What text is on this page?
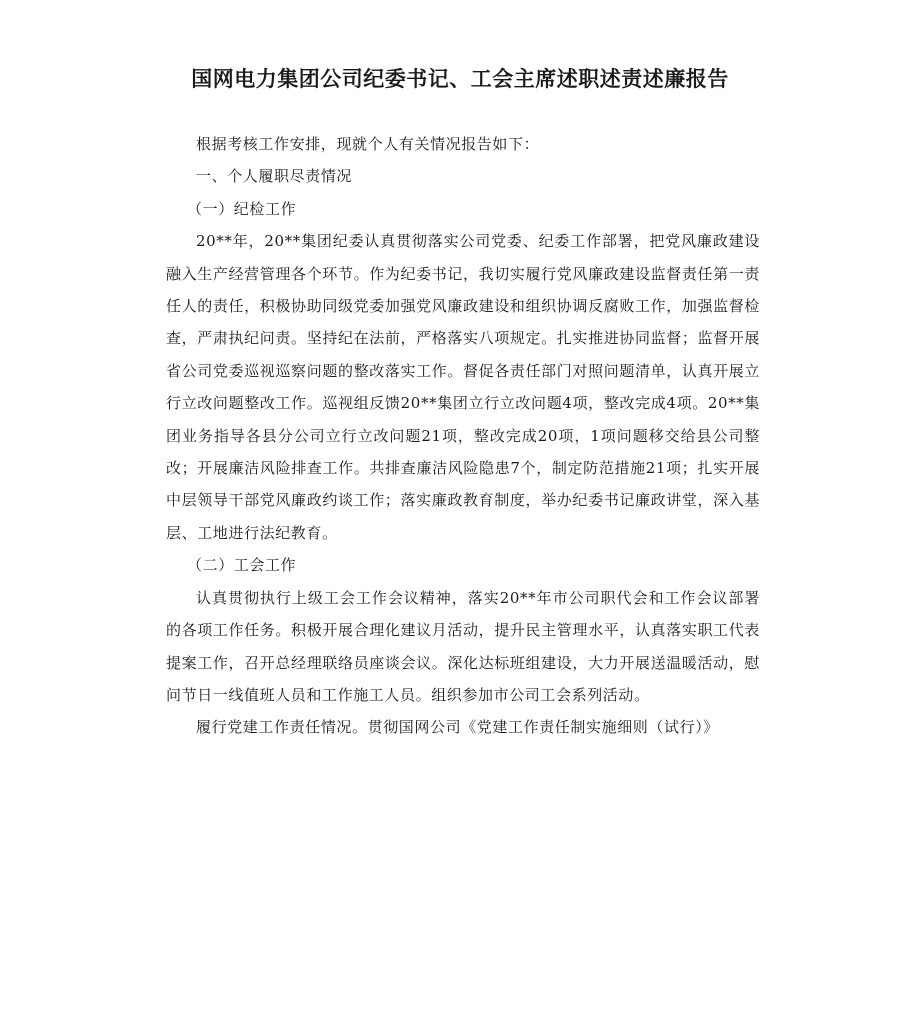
国网电力集团公司纪委书记、工会主席述职述责述廉报告

根据考核工作安排，现就个人有关情况报告如下：

一、个人履职尽责情况

（一）纪检工作

20**年，20**集团纪委认真贯彻落实公司党委、纪委工作部署，把党风廉政建设融入生产经营管理各个环节。作为纪委书记，我切实履行党风廉政建设监督责任第一责任人的责任，积极协助同级党委加强党风廉政建设和组织协调反腐败工作，加强监督检查，严肃执纪问责。坚持纪在法前，严格落实八项规定。扎实推进协同监督；监督开展省公司党委巡视巡察问题的整改落实工作。督促各责任部门对照问题清单，认真开展立行立改问题整改工作。巡视组反馈20**集团立行立改问题4项，整改完成4项。20**集团业务指导各县分公司立行立改问题21项，整改完成20项，1项问题移交给县公司整改；开展廉洁风险排查工作。共排查廉洁风险隐患7个，制定防范措施21项；扎实开展中层领导干部党风廉政约谈工作；落实廉政教育制度，举办纪委书记廉政讲堂，深入基层、工地进行法纪教育。

（二）工会工作

认真贯彻执行上级工会工作会议精神，落实20**年市公司职代会和工作会议部署的各项工作任务。积极开展合理化建议月活动，提升民主管理水平，认真落实职工代表提案工作，召开总经理联络员座谈会议。深化达标班组建设，大力开展送温暖活动，慰问节日一线值班人员和工作施工人员。组织参加市公司工会系列活动。

履行党建工作责任情况。贯彻国网公司《党建工作责任制实施细则（试行）》
